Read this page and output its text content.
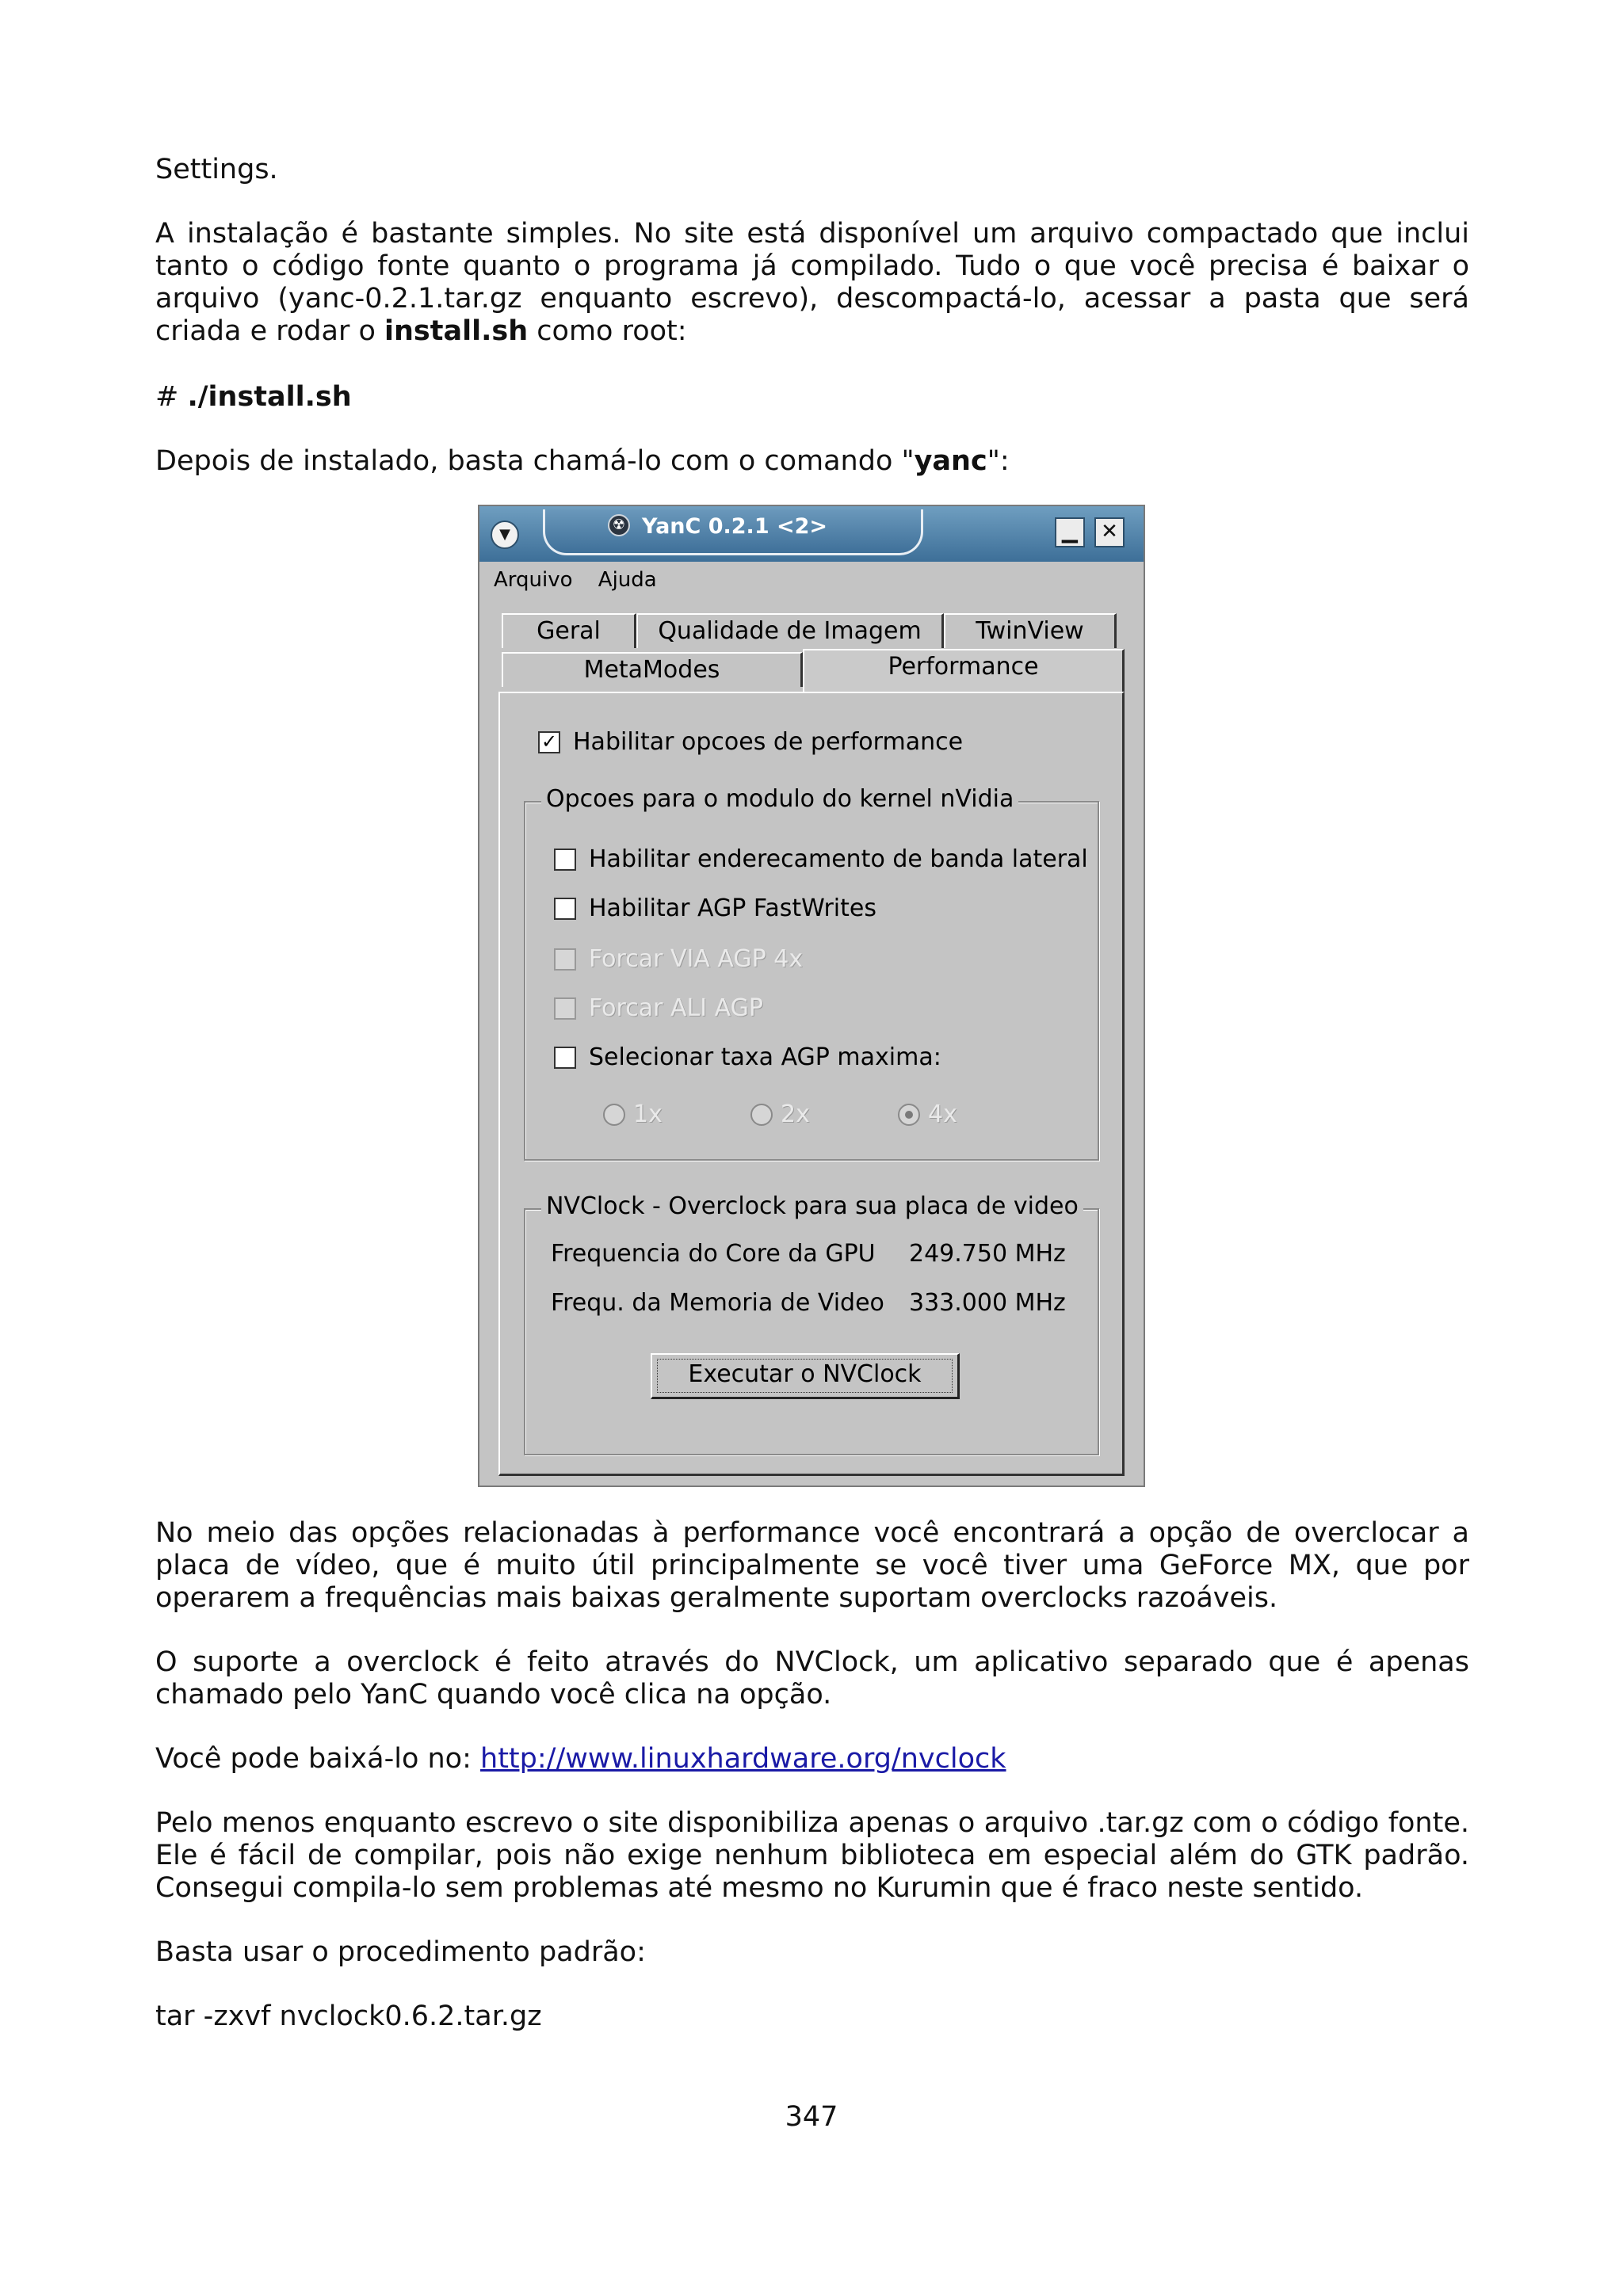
Settings.

A instalação é bastante simples. No site está disponível um arquivo compactado que inclui tanto o código fonte quanto o programa já compilado. Tudo o que você precisa é baixar o arquivo (yanc-0.2.1.tar.gz enquanto escrevo), descompactá-lo, acessar a pasta que será criada e rodar o install.sh como root:

# ./install.sh

Depois de instalado, basta chamá-lo com o comando "yanc":

▼
☢ YanC 0.2.1 <2>	▁	✕
Arquivo Ajuda
Geral	Qualidade de Imagem	TwinView
MetaModes	Performance
✓ Habilitar opcoes de performance
Opcoes para o modulo do kernel nVidia
Habilitar enderecamento de banda lateral
Habilitar AGP FastWrites
Forcar VIA AGP 4x
Forcar ALI AGP
Selecionar taxa AGP maxima:
1x	2x	4x
NVClock - Overclock para sua placa de video
Frequencia do Core da GPU 249.750 MHz
Frequ. da Memoria de Video 333.000 MHz
Executar o NVClock

No meio das opções relacionadas à performance você encontrará a opção de overclocar a placa de vídeo, que é muito útil principalmente se você tiver uma GeForce MX, que por operarem a frequências mais baixas geralmente suportam overclocks razoáveis.

O suporte a overclock é feito através do NVClock, um aplicativo separado que é apenas chamado pelo YanC quando você clica na opção.

Você pode baixá-lo no: http://www.linuxhardware.org/nvclock

Pelo menos enquanto escrevo o site disponibiliza apenas o arquivo .tar.gz com o código fonte. Ele é fácil de compilar, pois não exige nenhum biblioteca em especial além do GTK padrão. Consegui compila-lo sem problemas até mesmo no Kurumin que é fraco neste sentido.

Basta usar o procedimento padrão:

tar -zxvf nvclock0.6.2.tar.gz

347
